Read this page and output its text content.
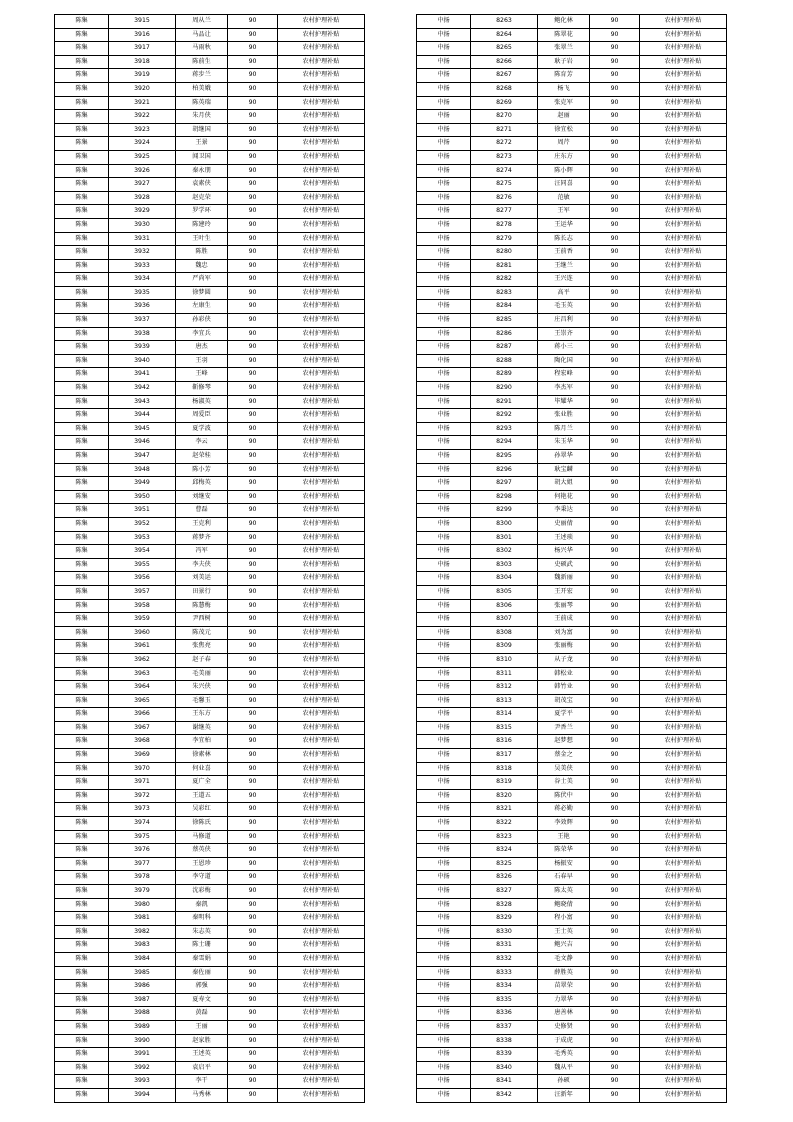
陈集	3915	周从兰	90	农村护理补贴
陈集	3916	马品让	90	农村护理补贴
陈集	3917	马雨秋	90	农村护理补贴
陈集	3918	陈前生	90	农村护理补贴
陈集	3919	蒋步兰	90	农村护理补贴
陈集	3920	柏美娥	90	农村护理补贴
陈集	3921	陈英瑞	90	农村护理补贴
陈集	3922	朱月侠	90	农村护理补贴
陈集	3923	胡继国	90	农村护理补贴
陈集	3924	王景	90	农村护理补贴
陈集	3925	闻卫国	90	农村护理补贴
陈集	3926	秦永朋	90	农村护理补贴
陈集	3927	袁素侠	90	农村护理补贴
陈集	3928	赵克荣	90	农村护理补贴
陈集	3929	罗学环	90	农村护理补贴
陈集	3930	陈建玲	90	农村护理补贴
陈集	3931	王叶生	90	农村护理补贴
陈集	3932	陈胜	90	农村护理补贴
陈集	3933	魏忠	90	农村护理补贴
陈集	3934	严尚军	90	农村护理补贴
陈集	3935	徐梦圆	90	农村护理补贴
陈集	3936	左康生	90	农村护理补贴
陈集	3937	孙彩侠	90	农村护理补贴
陈集	3938	李宜兵	90	农村护理补贴
陈集	3939	唐杰	90	农村护理补贴
陈集	3940	王羽	90	农村护理补贴
陈集	3941	王峰	90	农村护理补贴
陈集	3942	靳修琴	90	农村护理补贴
陈集	3943	杨淑英	90	农村护理补贴
陈集	3944	周爱臣	90	农村护理补贴
陈集	3945	夏学波	90	农村护理补贴
陈集	3946	李云	90	农村护理补贴
陈集	3947	赵荣桂	90	农村护理补贴
陈集	3948	陈小芳	90	农村护理补贴
陈集	3949	邱梅英	90	农村护理补贴
陈集	3950	刘继安	90	农村护理补贴
陈集	3951	曹磊	90	农村护理补贴
陈集	3952	王克利	90	农村护理补贴
陈集	3953	蒋梦齐	90	农村护理补贴
陈集	3954	冯军	90	农村护理补贴
陈集	3955	李夫侠	90	农村护理补贴
陈集	3956	刘美运	90	农村护理补贴
陈集	3957	田景行	90	农村护理补贴
陈集	3958	陈慧梅	90	农村护理补贴
陈集	3959	尹西树	90	农村护理补贴
陈集	3960	陈茂元	90	农村护理补贴
陈集	3961	张焦亮	90	农村护理补贴
陈集	3962	赵子春	90	农村护理补贴
陈集	3963	毛美丽	90	农村护理补贴
陈集	3964	朱兴侠	90	农村护理补贴
陈集	3965	毛馨玉	90	农村护理补贴
陈集	3966	王东方	90	农村护理补贴
陈集	3967	谢继英	90	农村护理补贴
陈集	3968	李宜柏	90	农村护理补贴
陈集	3969	徐素林	90	农村护理补贴
陈集	3970	何业喜	90	农村护理补贴
陈集	3971	夏广全	90	农村护理补贴
陈集	3972	王道五	90	农村护理补贴
陈集	3973	吴彩红	90	农村护理补贴
陈集	3974	徐陈氏	90	农村护理补贴
陈集	3975	马修道	90	农村护理补贴
陈集	3976	蔡英侠	90	农村护理补贴
陈集	3977	王恩珍	90	农村护理补贴
陈集	3978	李守道	90	农村护理补贴
陈集	3979	沈彩梅	90	农村护理补贴
陈集	3980	秦凯	90	农村护理补贴
陈集	3981	秦明科	90	农村护理补贴
陈集	3982	朱志英	90	农村护理补贴
陈集	3983	陈士珊	90	农村护理补贴
陈集	3984	秦雪娟	90	农村护理补贴
陈集	3985	秦佐丽	90	农村护理补贴
陈集	3986	郭强	90	农村护理补贴
陈集	3987	夏寿文	90	农村护理补贴
陈集	3988	黄磊	90	农村护理补贴
陈集	3989	王丽	90	农村护理补贴
陈集	3990	赵家胜	90	农村护理补贴
陈集	3991	王述英	90	农村护理补贴
陈集	3992	袁启平	90	农村护理补贴
陈集	3993	李干	90	农村护理补贴
陈集	3994	马秀林	90	农村护理补贴
中扬	8263	鲍化林	90	农村护理补贴
中扬	8264	陈翠花	90	农村护理补贴
中扬	8265	张翠兰	90	农村护理补贴
中扬	8266	耿子岩	90	农村护理补贴
中扬	8267	陈育芳	90	农村护理补贴
中扬	8268	杨飞	90	农村护理补贴
中扬	8269	张克军	90	农村护理补贴
中扬	8270	赵丽	90	农村护理补贴
中扬	8271	徐宜松	90	农村护理补贴
中扬	8272	周芹	90	农村护理补贴
中扬	8273	庄东方	90	农村护理补贴
中扬	8274	陈小辉	90	农村护理补贴
中扬	8275	汪同喜	90	农村护理补贴
中扬	8276	范敏	90	农村护理补贴
中扬	8277	王军	90	农村护理补贴
中扬	8278	王运华	90	农村护理补贴
中扬	8279	陈长志	90	农村护理补贴
中扬	8280	王前香	90	农村护理补贴
中扬	8281	王继兰	90	农村护理补贴
中扬	8282	王兴连	90	农村护理补贴
中扬	8283	高平	90	农村护理补贴
中扬	8284	毛玉英	90	农村护理补贴
中扬	8285	庄昌利	90	农村护理补贴
中扬	8286	王崇齐	90	农村护理补贴
中扬	8287	蒋小三	90	农村护理补贴
中扬	8288	陶化国	90	农村护理补贴
中扬	8289	程宏峰	90	农村护理补贴
中扬	8290	李杰军	90	农村护理补贴
中扬	8291	毕耀华	90	农村护理补贴
中扬	8292	张业胜	90	农村护理补贴
中扬	8293	陈月兰	90	农村护理补贴
中扬	8294	朱玉华	90	农村护理补贴
中扬	8295	孙翠华	90	农村护理补贴
中扬	8296	耿宝麟	90	农村护理补贴
中扬	8297	胡大姐	90	农村护理补贴
中扬	8298	何艳花	90	农村护理补贴
中扬	8299	李秉达	90	农村护理补贴
中扬	8300	史丽倩	90	农村护理补贴
中扬	8301	王述琐	90	农村护理补贴
中扬	8302	杨兴华	90	农村护理补贴
中扬	8303	史硕武	90	农村护理补贴
中扬	8304	魏新丽	90	农村护理补贴
中扬	8305	王开宏	90	农村护理补贴
中扬	8306	张丽琴	90	农村护理补贴
中扬	8307	王前成	90	农村护理补贴
中扬	8308	刘为富	90	农村护理补贴
中扬	8309	张丽梅	90	农村护理补贴
中扬	8310	从子龙	90	农村护理补贴
中扬	8311	韩松业	90	农村护理补贴
中扬	8312	韩竹业	90	农村护理补贴
中扬	8313	胡茂宝	90	农村护理补贴
中扬	8314	夏学平	90	农村护理补贴
中扬	8315	尹香兰	90	农村护理补贴
中扬	8316	赵梦想	90	农村护理补贴
中扬	8317	蔡金之	90	农村护理补贴
中扬	8318	吴美侠	90	农村护理补贴
中扬	8319	谷士美	90	农村护理补贴
中扬	8320	陈伏中	90	农村护理补贴
中扬	8321	蒋必勤	90	农村护理补贴
中扬	8322	李效辉	90	农村护理补贴
中扬	8323	王艳	90	农村护理补贴
中扬	8324	陈荣华	90	农村护理补贴
中扬	8325	杨振安	90	农村护理补贴
中扬	8326	石春早	90	农村护理补贴
中扬	8327	陈太英	90	农村护理补贴
中扬	8328	鲍晓倩	90	农村护理补贴
中扬	8329	程小富	90	农村护理补贴
中扬	8330	王士英	90	农村护理补贴
中扬	8331	鲍兴吉	90	农村护理补贴
中扬	8332	毛文静	90	农村护理补贴
中扬	8333	薛胜英	90	农村护理补贴
中扬	8334	苗翠荣	90	农村护理补贴
中扬	8335	力翠华	90	农村护理补贴
中扬	8336	唐善林	90	农村护理补贴
中扬	8337	史修贤	90	农村护理补贴
中扬	8338	于成虎	90	农村护理补贴
中扬	8339	毛秀英	90	农村护理补贴
中扬	8340	魏从平	90	农村护理补贴
中扬	8341	孙硕	90	农村护理补贴
中扬	8342	汪新年	90	农村护理补贴
